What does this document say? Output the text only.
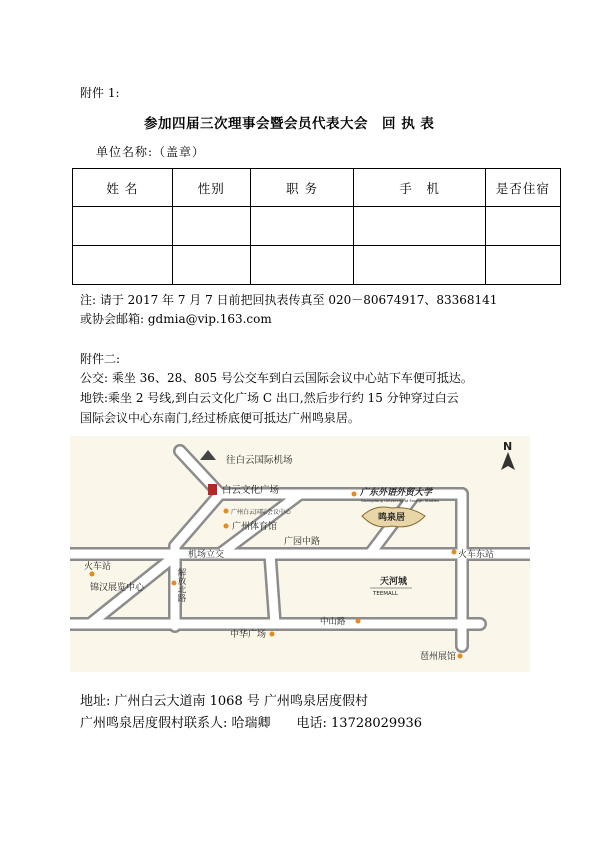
附件 1:
参加四届三次理事会暨会员代表大会　回 执 表
单位名称:（盖章）
姓 名	性别	职 务	手　机	是否住宿

注: 请于 2017 年 7 月 7 日前把回执表传真至 020－80674917、83368141
或协会邮箱: gdmia@vip.163.com
附件二:
公交: 乘坐 36、28、805 号公交车到白云国际会议中心站下车便可抵达。
地铁:乘坐 2 号线,到白云文化广场 C 出口,然后步行约 15 分钟穿过白云
国际会议中心东南门,经过桥底便可抵达广州鸣泉居。
N
往白云国际机场
白云文化广场
广州白云国际会议中心
广州体育馆
广东外语外贸大学
Guangdong University of Foreign Studies
鸣泉居
广园中路
机场立交
火车站
火车东站
解放北路
锦汉展览中心
天河城
TEEMALL
中山路
中华广场
琶州展馆
地址: 广州白云大道南 1068 号 广州鸣泉居度假村
广州鸣泉居度假村联系人: 哈瑞卿　　电话: 13728029936
